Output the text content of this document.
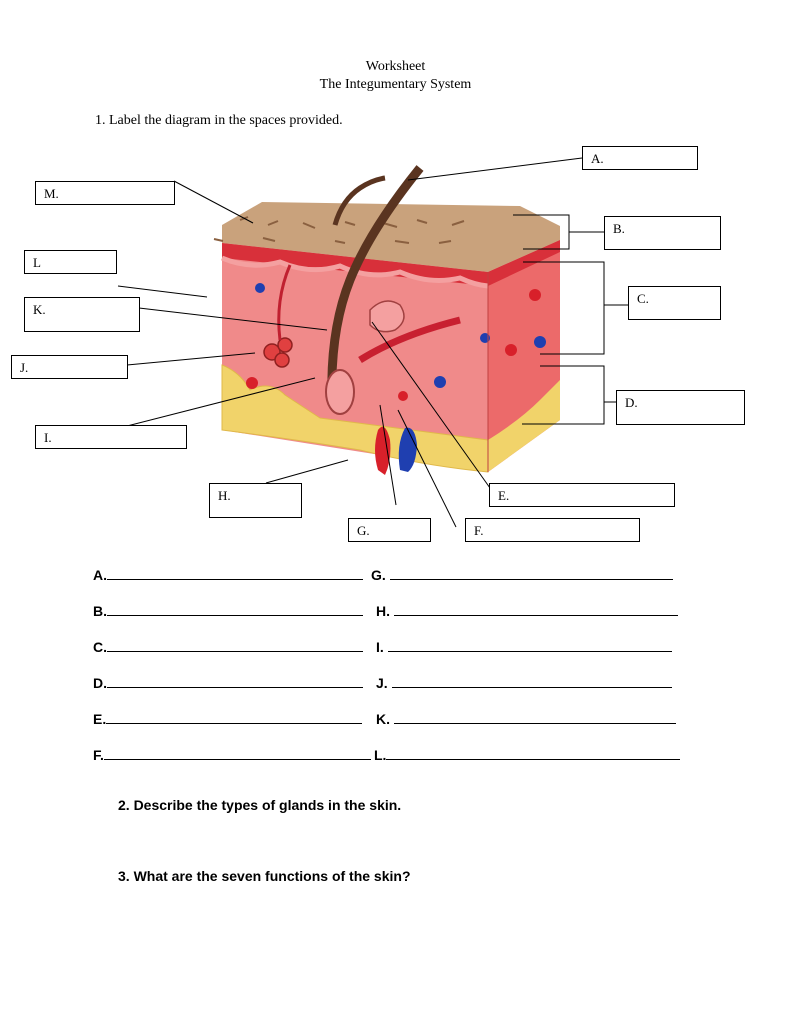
Worksheet
The Integumentary System
1. Label the diagram in the spaces provided.
A.
M.
B.
L
C.
K.
J.
D.
I.
H.	E.
G.	F.
A.
B.
C.
D.
E.
F.
G.
H.
I.
J.
K.
L.
2. Describe the types of glands in the skin.
3. What are the seven functions of the skin?
